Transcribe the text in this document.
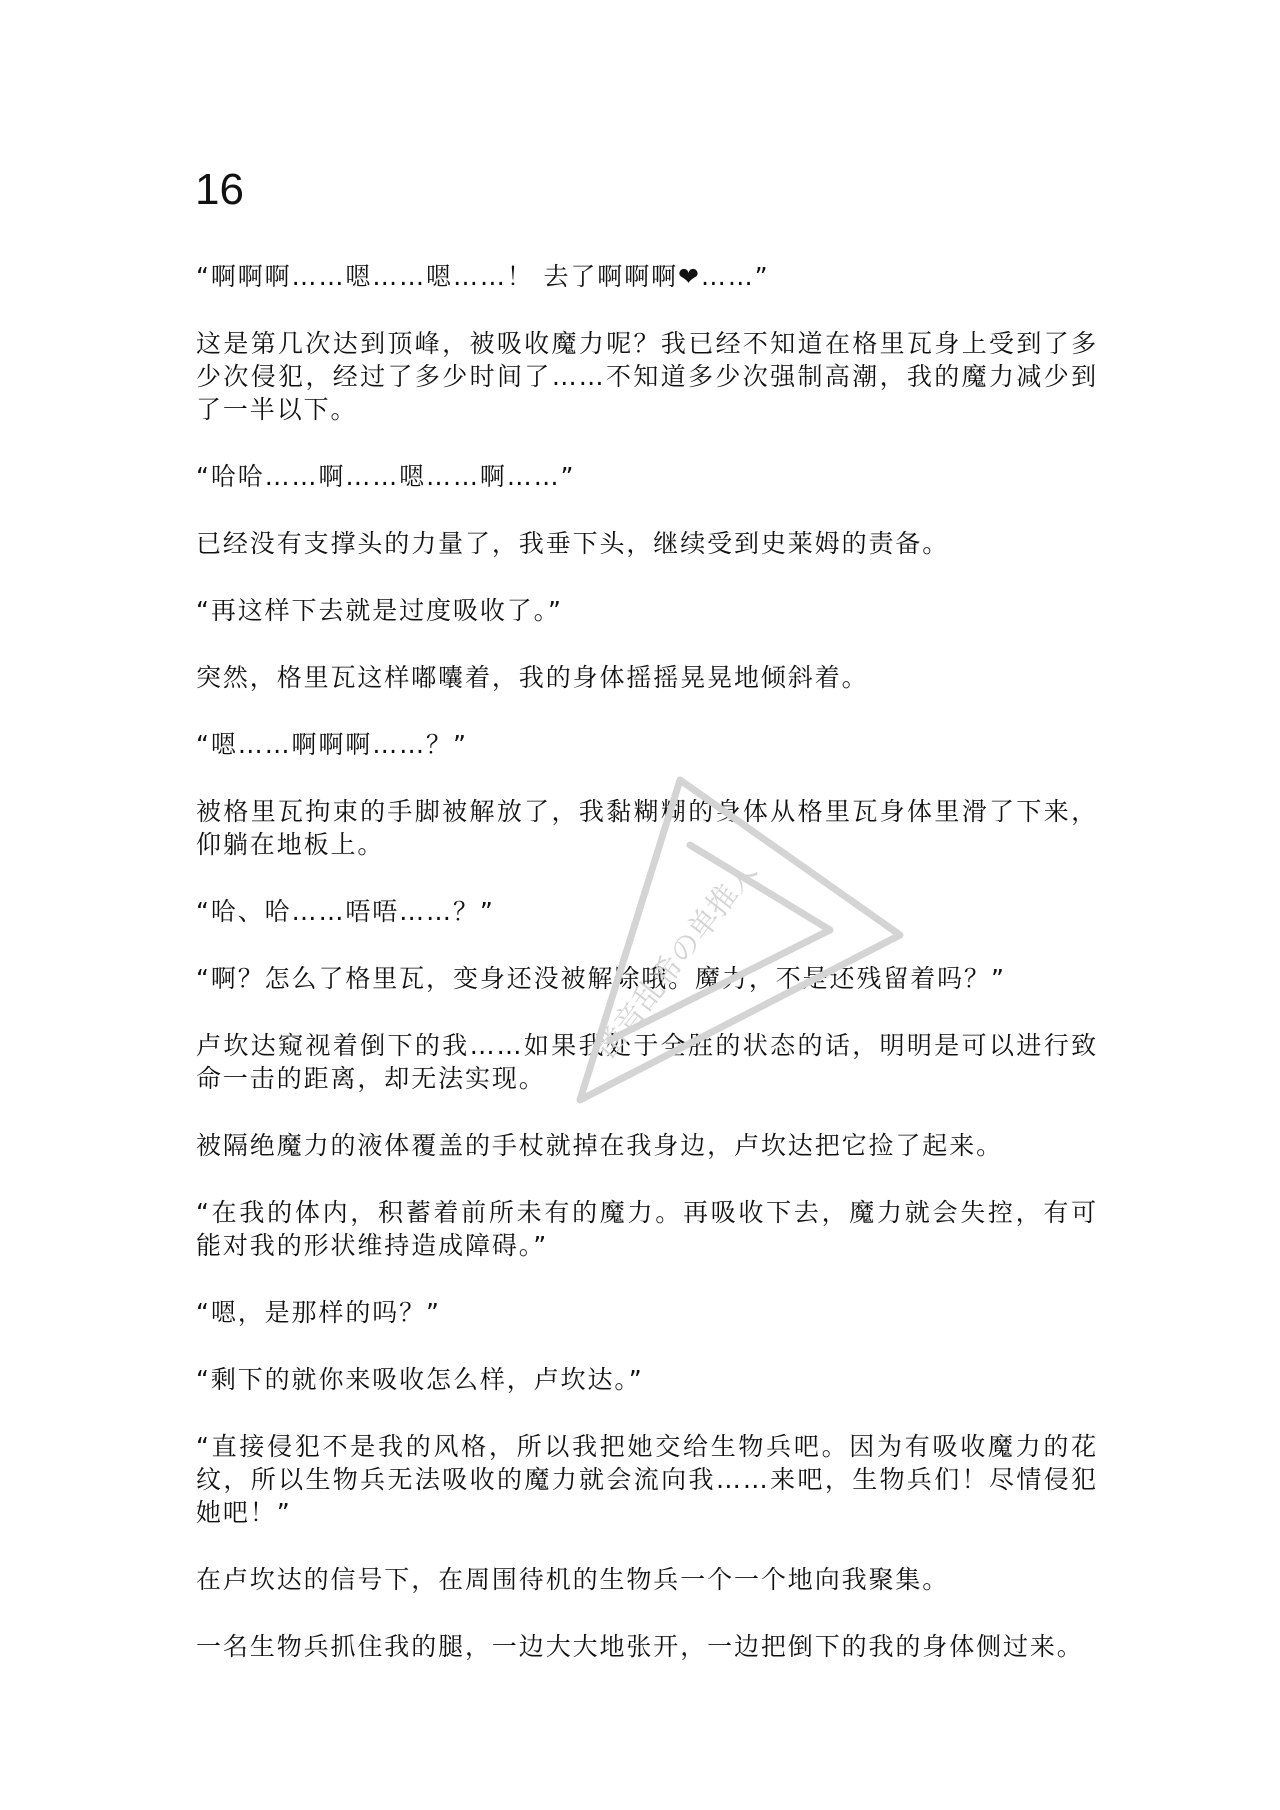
16

“啊啊啊……嗯……嗯……！ 去了啊啊啊❤……”

这是第几次达到顶峰，被吸收魔力呢？我已经不知道在格里瓦身上受到了多少次侵犯，经过了多少时间了……不知道多少次强制高潮，我的魔力减少到了一半以下。

“哈哈……啊……嗯……啊……”

已经没有支撑头的力量了，我垂下头，继续受到史莱姆的责备。

“再这样下去就是过度吸收了。”

突然，格里瓦这样嘟囔着，我的身体摇摇晃晃地倾斜着。

“嗯……啊啊啊……？”

被格里瓦拘束的手脚被解放了，我黏糊糊的身体从格里瓦身体里滑了下来，仰躺在地板上。

“哈、哈……唔唔……？”

“啊？怎么了格里瓦，变身还没被解除哦。魔力，不是还残留着吗？”

卢坎达窥视着倒下的我……如果我处于全胜的状态的话，明明是可以进行致命一击的距离，却无法实现。

被隔绝魔力的液体覆盖的手杖就掉在我身边，卢坎达把它捡了起来。

“在我的体内，积蓄着前所未有的魔力。再吸收下去，魔力就会失控，有可能对我的形状维持造成障碍。”

“嗯，是那样的吗？”

“剩下的就你来吸收怎么样，卢坎达。”

“直接侵犯不是我的风格，所以我把她交给生物兵吧。因为有吸收魔力的花纹，所以生物兵无法吸收的魔力就会流向我……来吧，生物兵们！尽情侵犯她吧！”

在卢坎达的信号下，在周围待机的生物兵一个一个地向我聚集。

一名生物兵抓住我的腿，一边大大地张开，一边把倒下的我的身体侧过来。

凿音乱希の单推人
